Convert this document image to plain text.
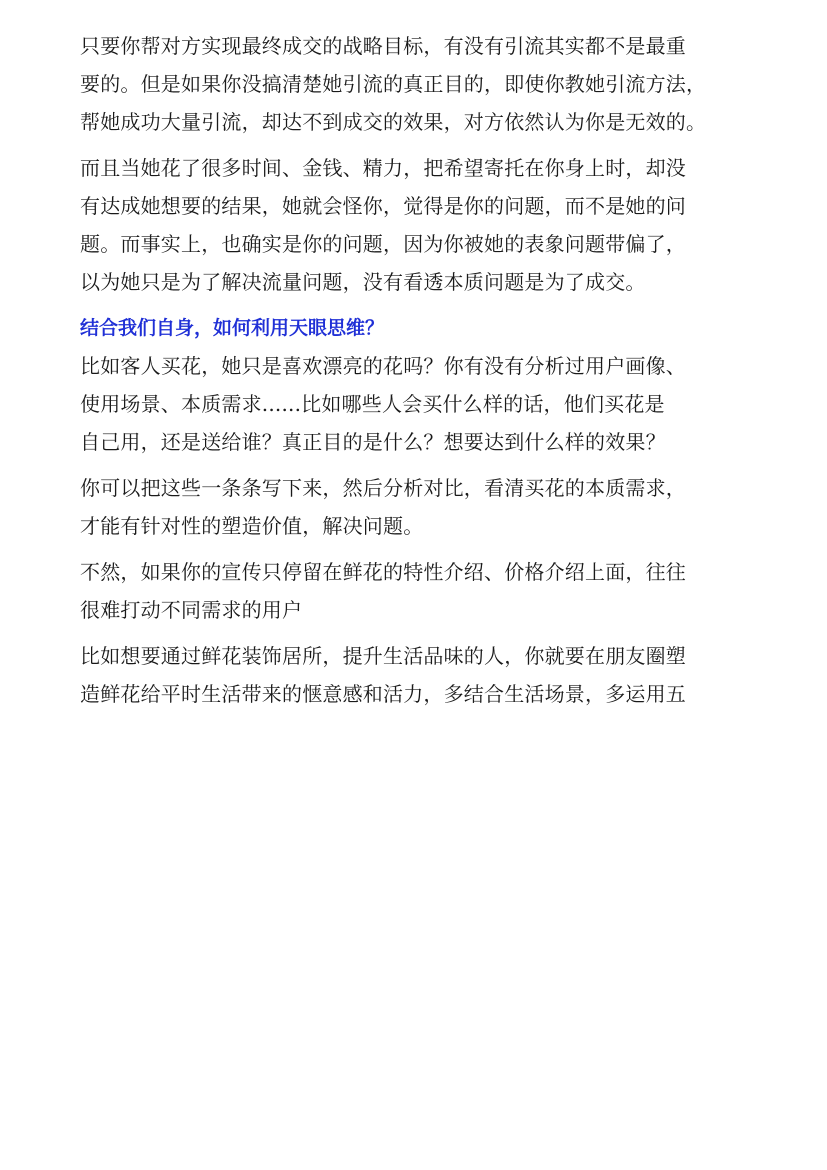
只要你帮对方实现最终成交的战略目标，有没有引流其实都不是最重
要的。但是如果你没搞清楚她引流的真正目的，即使你教她引流方法，
帮她成功大量引流，却达不到成交的效果，对方依然认为你是无效的。

而且当她花了很多时间、金钱、精力，把希望寄托在你身上时，却没
有达成她想要的结果，她就会怪你，觉得是你的问题，而不是她的问
题。而事实上，也确实是你的问题，因为你被她的表象问题带偏了，
以为她只是为了解决流量问题，没有看透本质问题是为了成交。

结合我们自身，如何利用天眼思维？

比如客人买花，她只是喜欢漂亮的花吗？你有没有分析过用户画像、
使用场景、本质需求......比如哪些人会买什么样的话，他们买花是
自己用，还是送给谁？真正目的是什么？想要达到什么样的效果？

你可以把这些一条条写下来，然后分析对比，看清买花的本质需求，
才能有针对性的塑造价值，解决问题。

不然，如果你的宣传只停留在鲜花的特性介绍、价格介绍上面，往往
很难打动不同需求的用户

比如想要通过鲜花装饰居所，提升生活品味的人，你就要在朋友圈塑
造鲜花给平时生活带来的惬意感和活力，多结合生活场景，多运用五
